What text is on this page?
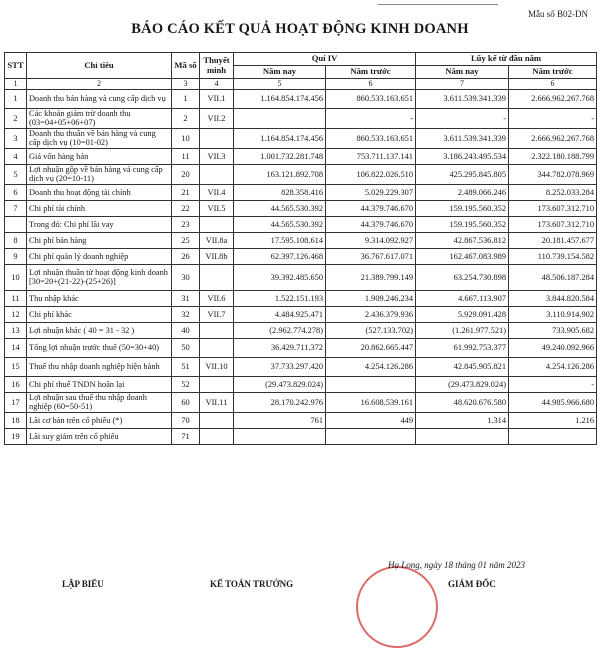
Mẫu số B02-DN
BÁO CÁO KẾT QUẢ HOẠT ĐỘNG KINH DOANH
STT	Chỉ tiêu	Mã số	Thuyết minh	Quí IV		Lũy kế từ đầu năm	
				Năm nay	Năm trước	Năm nay	Năm trước
1	2	3	4	5	6	7	6
1	Doanh thu bán hàng và cung cấp dịch vụ	1	VII.1	1.164.854.174.456	860.533.163.651	3.611.539.341.339	2.666.962.267.768
2	Các khoản giảm trừ doanh thu (03=04+05+06+07)	2	VII.2		-	-	-
3	Doanh thu thuần về bán hàng và cung cấp dịch vụ (10=01-02)	10		1.164.854.174.456	860.533.163.651	3.611.539.341.339	2.666.962.267.768
4	Giá vốn hàng bán	11	VII.3	1.001.732.281.748	753.711.137.141	3.186.243.495.534	2.322.180.188.799
5	Lợi nhuận gộp về bán hàng và cung cấp dịch vụ (20=10-11)	20		163.121.892.708	106.822.026.510	425.295.845.805	344.782.078.969
6	Doanh thu hoạt động tài chính	21	VII.4	828.358.416	5.029.229.307	2.489.066.246	8.252.033.284
7	Chi phí tài chính	22	VII.5	44.565.530.392	44.379.746.670	159.195.560.352	173.607.312.710
	Trong đó: Chi phí lãi vay	23		44.565.530.392	44.379.746.670	159.195.560.352	173.607.312.710
8	Chi phí bán hàng	25	VII.8a	17.595.108.614	9.314.092.927	42.867.536.812	20.181.457.677
9	Chi phí quản lý doanh nghiệp	26	VII.8b	62.397.126.468	36.767.617.071	162.467.083.989	110.739.154.582
10	Lợi nhuận thuần từ hoạt động kinh doanh [30=20+(21-22)-(25+26)]	30		39.392.485.650	21.389.799.149	63.254.730.898	48.506.187.284
11	Thu nhập khác	31	VII.6	1.522.151.193	1.909.246.234	4.667.113.907	3.844.820.584
12	Chi phí khác	32	VII.7	4.484.925.471	2.436.379.936	5.929.091.428	3.110.914.902
13	Lợi nhuận khác ( 40 = 31 - 32 )	40		(2.962.774.278)	(527.133.702)	(1.261.977.521)	733.905.682
14	Tổng lợi nhuận trước thuế (50=30+40)	50		36.429.711.372	20.862.665.447	61.992.753.377	49.240.092.966
15	Thuế thu nhập doanh nghiệp hiện hành	51	VII.10	37.733.297.420	4.254.126.286	42.845.905.821	4.254.126.286
16	Chi phí thuế TNDN hoãn lại	52		(29.473.829.024)		(29.473.829.024)	-
17	Lợi nhuận sau thuế thu nhập doanh nghiệp (60=50-51)	60	VII.11	28.170.242.976	16.608.539.161	48.620.676.580	44.985.966.680
18	Lãi cơ bản trên cổ phiếu (*)	70		761	449	1.314	1.216
19	Lãi suy giảm trên cổ phiếu	71					
Hạ Long, ngày 18 tháng 01 năm 2023
LẬP BIỂU	KẾ TOÁN TRƯỞNG	GIÁM ĐỐC
